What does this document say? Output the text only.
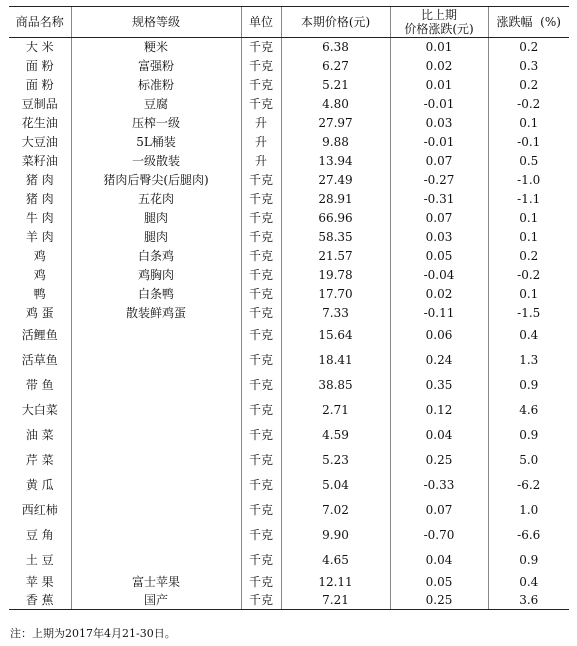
商品名称	规格等级	单位	本期价格(元)	比上期
价格涨跌(元)	涨跌幅  (%)
大 米	粳米	千克	6.38	0.01	0.2
面 粉	富强粉	千克	6.27	0.02	0.3
面 粉	标准粉	千克	5.21	0.01	0.2
豆制品	豆腐	千克	4.80	-0.01	-0.2
花生油	压榨一级	升	27.97	0.03	0.1
大豆油	5L桶装	升	9.88	-0.01	-0.1
菜籽油	一级散装	升	13.94	0.07	0.5
猪 肉	猪肉后臀尖(后腿肉)	千克	27.49	-0.27	-1.0
猪 肉	五花肉	千克	28.91	-0.31	-1.1
牛 肉	腿肉	千克	66.96	0.07	0.1
羊 肉	腿肉	千克	58.35	0.03	0.1
鸡	白条鸡	千克	21.57	0.05	0.2
鸡	鸡胸肉	千克	19.78	-0.04	-0.2
鸭	白条鸭	千克	17.70	0.02	0.1
鸡 蛋	散装鲜鸡蛋	千克	7.33	-0.11	-1.5
活鲤鱼		千克	15.64	0.06	0.4
活草鱼		千克	18.41	0.24	1.3
带 鱼		千克	38.85	0.35	0.9
大白菜		千克	2.71	0.12	4.6
油 菜		千克	4.59	0.04	0.9
芹 菜		千克	5.23	0.25	5.0
黄 瓜		千克	5.04	-0.33	-6.2
西红柿		千克	7.02	0.07	1.0
豆 角		千克	9.90	-0.70	-6.6
土 豆		千克	4.65	0.04	0.9
苹 果	富士苹果	千克	12.11	0.05	0.4
香 蕉	国产	千克	7.21	0.25	3.6
注：上期为2017年4月21-30日。
